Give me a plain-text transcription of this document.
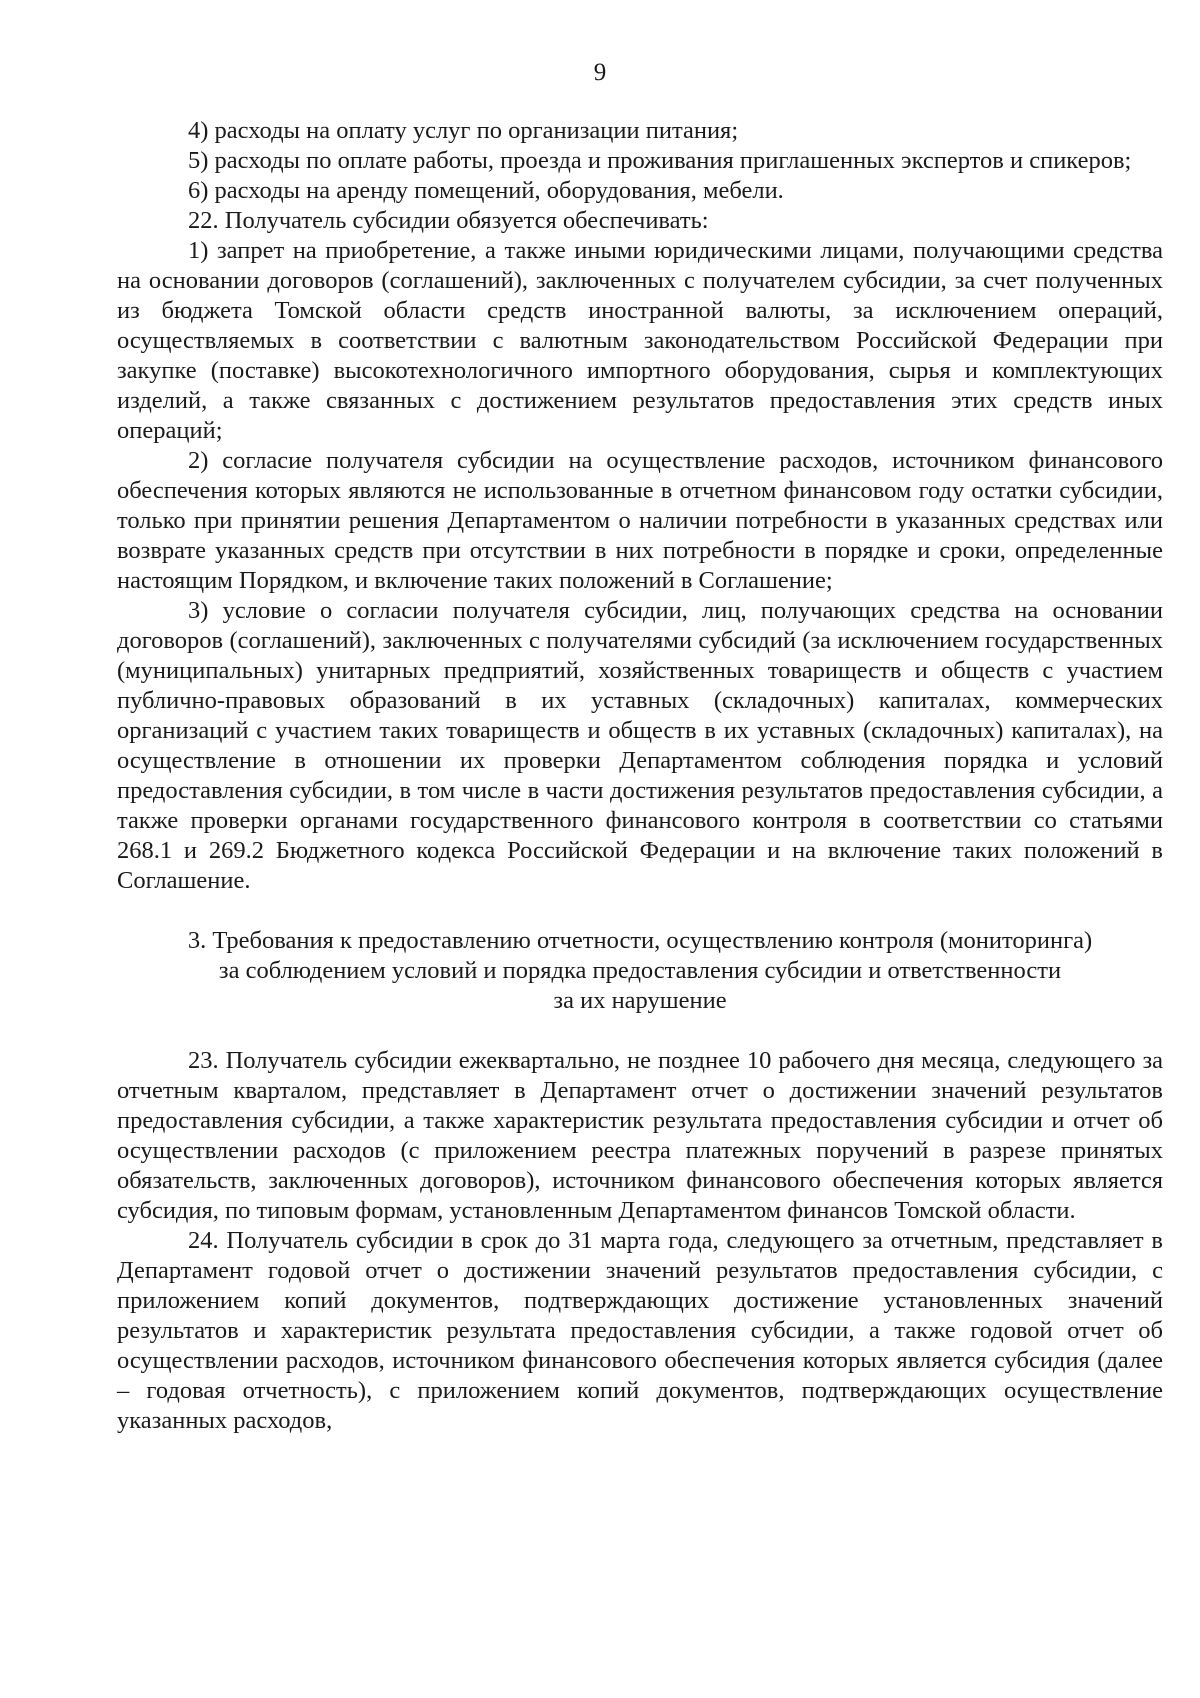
9

4) расходы на оплату услуг по организации питания;

5) расходы по оплате работы, проезда и проживания приглашенных экспертов и спикеров;

6) расходы на аренду помещений, оборудования, мебели.

22. Получатель субсидии обязуется обеспечивать:

1) запрет на приобретение, а также иными юридическими лицами, получающими средства на основании договоров (соглашений), заключенных с получателем субсидии, за счет полученных из бюджета Томской области средств иностранной валюты, за исключением операций, осуществляемых в соответствии с валютным законодательством Российской Федерации при закупке (поставке) высокотехнологичного импортного оборудования, сырья и комплектующих изделий, а также связанных с достижением результатов предоставления этих средств иных операций;

2) согласие получателя субсидии на осуществление расходов, источником финансового обеспечения которых являются не использованные в отчетном финансовом году остатки субсидии, только при принятии решения Департаментом о наличии потребности в указанных средствах или возврате указанных средств при отсутствии в них потребности в порядке и сроки, определенные настоящим Порядком, и включение таких положений в Соглашение;

3) условие о согласии получателя субсидии, лиц, получающих средства на основании договоров (соглашений), заключенных с получателями субсидий (за исключением государственных (муниципальных) унитарных предприятий, хозяйственных товариществ и обществ с участием публично-правовых образований в их уставных (складочных) капиталах, коммерческих организаций с участием таких товариществ и обществ в их уставных (складочных) капиталах), на осуществление в отношении их проверки Департаментом соблюдения порядка и условий предоставления субсидии, в том числе в части достижения результатов предоставления субсидии, а также проверки органами государственного финансового контроля в соответствии со статьями 268.1 и 269.2 Бюджетного кодекса Российской Федерации и на включение таких положений в Соглашение.

3. Требования к предоставлению отчетности, осуществлению контроля (мониторинга)
за соблюдением условий и порядка предоставления субсидии и ответственности
за их нарушение

23. Получатель субсидии ежеквартально, не позднее 10 рабочего дня месяца, следующего за отчетным кварталом, представляет в Департамент отчет о достижении значений результатов предоставления субсидии, а также характеристик результата предоставления субсидии и отчет об осуществлении расходов (с приложением реестра платежных поручений в разрезе принятых обязательств, заключенных договоров), источником финансового обеспечения которых является субсидия, по типовым формам, установленным Департаментом финансов Томской области.

24. Получатель субсидии в срок до 31 марта года, следующего за отчетным, представляет в Департамент годовой отчет о достижении значений результатов предоставления субсидии, с приложением копий документов, подтверждающих достижение установленных значений результатов и характеристик результата предоставления субсидии, а также годовой отчет об осуществлении расходов, источником финансового обеспечения которых является субсидия (далее – годовая отчетность), с приложением копий документов, подтверждающих осуществление указанных расходов,
